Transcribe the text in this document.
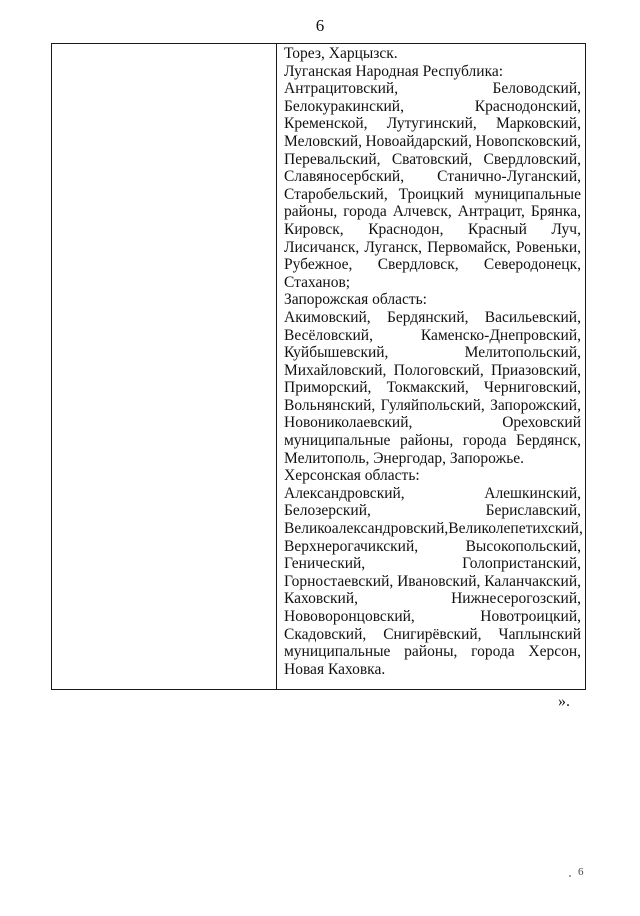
6
Торез, Харцызск.
Луганская Народная Республика:
Антрацитовский,	Беловодский,
Белокуракинский,	Краснодонский,
Кременской, Лутугинский, Марковский,
Меловский, Новоайдарский, Новопсковский,
Перевальский, Сватовский, Свердловский,
Славяносербский, Станично-Луганский,
Старобельский, Троицкий муниципальные
районы, города Алчевск, Антрацит, Брянка,
Кировск, Краснодон, Красный Луч,
Лисичанск, Луганск, Первомайск, Ровеньки,
Рубежное, Свердловск, Северодонецк,
Стаханов;
Запорожская область:
Акимовский, Бердянский, Васильевский,
Весёловский,	Каменско-Днепровский,
Куйбышевский,	Мелитопольский,
Михайловский, Пологовский, Приазовский,
Приморский, Токмакский, Черниговский,
Вольнянский, Гуляйпольский, Запорожский,
Новониколаевский,	Ореховский
муниципальные районы, города Бердянск,
Мелитополь, Энергодар, Запорожье.
Херсонская область:
Александровский,	Алешкинский,
Белозерский,	Бериславский,
Великоалександровский, Великолепетихский,
Верхнерогачикский,	Высокопольский,
Генический,	Голопристанский,
Горностаевский, Ивановский, Каланчакский,
Каховский,	Нижнесерогозский,
Нововоронцовский,	Новотроицкий,
Скадовский, Снигирёвский, Чаплынский
муниципальные районы, города Херсон,
Новая Каховка.
».
6
